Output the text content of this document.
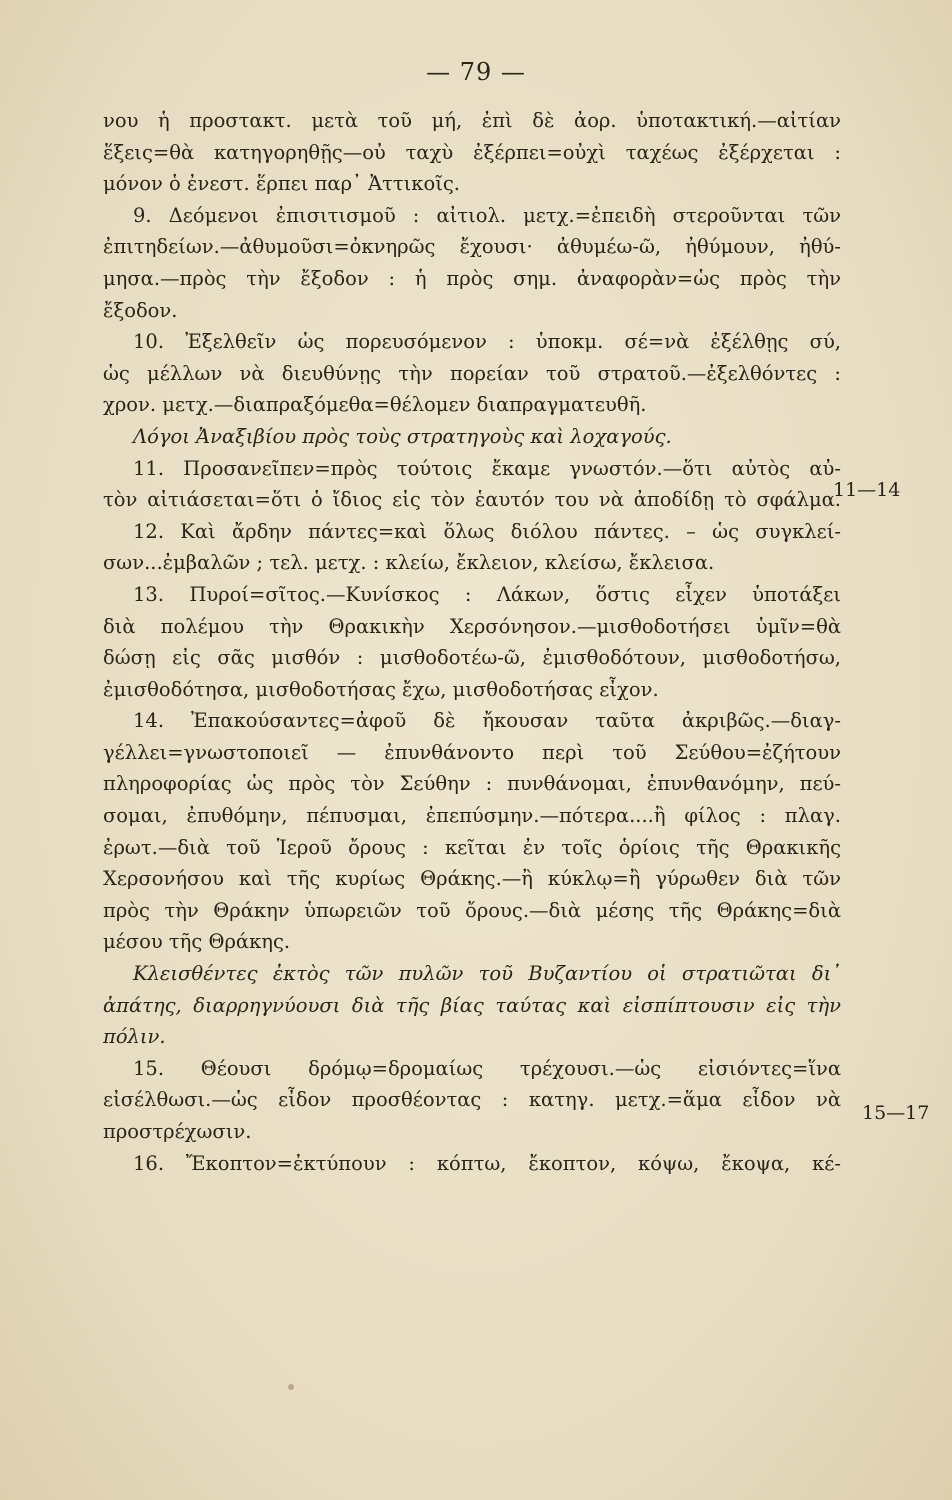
— 79 —
νου ἡ προστακτ. μετὰ τοῦ μή, ἐπὶ δὲ ἀορ. ὑποτακτική.—αἰτίαν
ἕξεις=θὰ κατηγορηθῇς—οὐ ταχὺ ἐξέρπει=οὐχὶ ταχέως ἐξέρχεται :
μόνον ὁ ἐνεστ. ἕρπει παρ᾽ Ἀττικοῖς.
9. Δεόμενοι ἐπισιτισμοῦ : αἰτιολ. μετχ.=ἐπειδὴ στεροῦνται τῶν
ἐπιτηδείων.—ἀθυμοῦσι=ὀκνηρῶς ἔχουσι· ἀθυμέω-ῶ, ἠθύμουν, ἠθύ-
μησα.—πρὸς τὴν ἔξοδον : ἡ πρὸς σημ. ἀναφορὰν=ὡς πρὸς τὴν
ἔξοδον.
10. Ἐξελθεῖν ὡς πορευσόμενον : ὑποκμ. σέ=νὰ ἐξέλθῃς σύ,
ὡς μέλλων νὰ διευθύνῃς τὴν πορείαν τοῦ στρατοῦ.—ἐξελθόντες :
χρον. μετχ.—διαπραξόμεθα=θέλομεν διαπραγματευθῆ.
Λόγοι Ἀναξιβίου πρὸς τοὺς στρατηγοὺς καὶ λοχαγούς.
11. Προσανεῖπεν=πρὸς τούτοις ἔκαμε γνωστόν.—ὅτι αὐτὸς αὐ-
τὸν αἰτιάσεται=ὅτι ὁ ἴδιος εἰς τὸν ἑαυτόν του νὰ ἀποδίδῃ τὸ σφάλμα.
12. Καὶ ἄρδην πάντες=καὶ ὅλως διόλου πάντες. – ὡς συγκλεί-
σων...ἐμβαλῶν ; τελ. μετχ. : κλείω, ἔκλειον, κλείσω, ἔκλεισα.
13. Πυροί=σῖτος.—Κυνίσκος : Λάκων, ὅστις εἶχεν ὑποτάξει
διὰ πολέμου τὴν Θρακικὴν Χερσόνησον.—μισθοδοτήσει ὑμῖν=θὰ
δώσῃ εἰς σᾶς μισθόν : μισθοδοτέω-ῶ, ἐμισθοδότουν, μισθοδοτήσω,
ἐμισθοδότησα, μισθοδοτήσας ἔχω, μισθοδοτήσας εἶχον.
14. Ἐπακούσαντες=ἀφοῦ δὲ ἤκουσαν ταῦτα ἀκριβῶς.—διαγ-
γέλλει=γνωστοποιεῖ — ἐπυνθάνοντο περὶ τοῦ Σεύθου=ἐζήτουν
πληροφορίας ὡς πρὸς τὸν Σεύθην : πυνθάνομαι, ἐπυνθανόμην, πεύ-
σομαι, ἐπυθόμην, πέπυσμαι, ἐπεπύσμην.—πότερα....ἢ φίλος : πλαγ.
ἐρωτ.—διὰ τοῦ Ἱεροῦ ὄρους : κεῖται ἐν τοῖς ὁρίοις τῆς Θρακικῆς
Χερσονήσου καὶ τῆς κυρίως Θράκης.—ἢ κύκλῳ=ἢ γύρωθεν διὰ τῶν
πρὸς τὴν Θράκην ὑπωρειῶν τοῦ ὄρους.—διὰ μέσης τῆς Θράκης=διὰ
μέσου τῆς Θράκης.
Κλεισθέντες ἐκτὸς τῶν πυλῶν τοῦ Βυζαντίου οἱ στρατιῶται δι᾽
ἀπάτης, διαρρηγνύουσι διὰ τῆς βίας ταύτας καὶ εἰσπίπτουσιν εἰς τὴν
πόλιν.
15. Θέουσι δρόμῳ=δρομαίως τρέχουσι.—ὡς εἰσιόντες=ἵνα
εἰσέλθωσι.—ὡς εἶδον προσθέοντας : κατηγ. μετχ.=ἅμα εἶδον νὰ
προστρέχωσιν.
16. Ἔκοπτον=ἐκτύπουν : κόπτω, ἔκοπτον, κόψω, ἔκοψα, κέ-
11—14
15—17
